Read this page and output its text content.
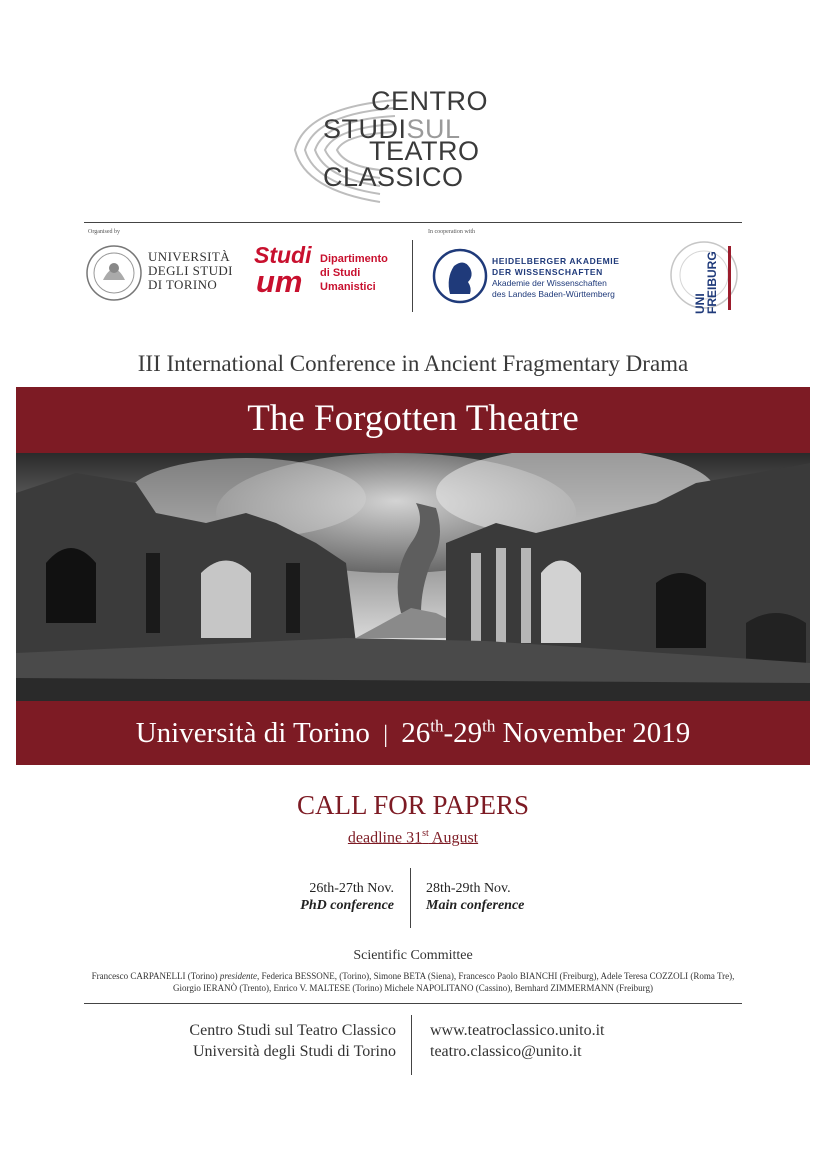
CENTRO
STUDISUL
TEATRO
CLASSICO
Organised by	In cooperation with
UNIVERSITÀ
DEGLI STUDI
DI TORINO
Studi
um
Dipartimento
di Studi
Umanistici
HEIDELBERGER AKADEMIE
DER WISSENSCHAFTEN
Akademie der Wissenschaften
des Landes Baden-Württemberg	UNI
FREIBURG
III International Conference in Ancient Fragmentary Drama
The Forgotten Theatre
Università di Torino | 26th-29th November 2019
CALL FOR PAPERS
deadline 31st August
26th-27th Nov.
PhD conference
28th-29th Nov.
Main conference
Scientific Committee
Francesco CARPANELLI (Torino) presidente, Federica BESSONE, (Torino), Simone BETA (Siena), Francesco Paolo BIANCHI (Freiburg), Adele Teresa COZZOLI (Roma Tre), Giorgio IERANÒ (Trento), Enrico V. MALTESE (Torino) Michele NAPOLITANO (Cassino), Bernhard ZIMMERMANN (Freiburg)
Centro Studi sul Teatro Classico
Università degli Studi di Torino
www.teatroclassico.unito.it
teatro.classico@unito.it
